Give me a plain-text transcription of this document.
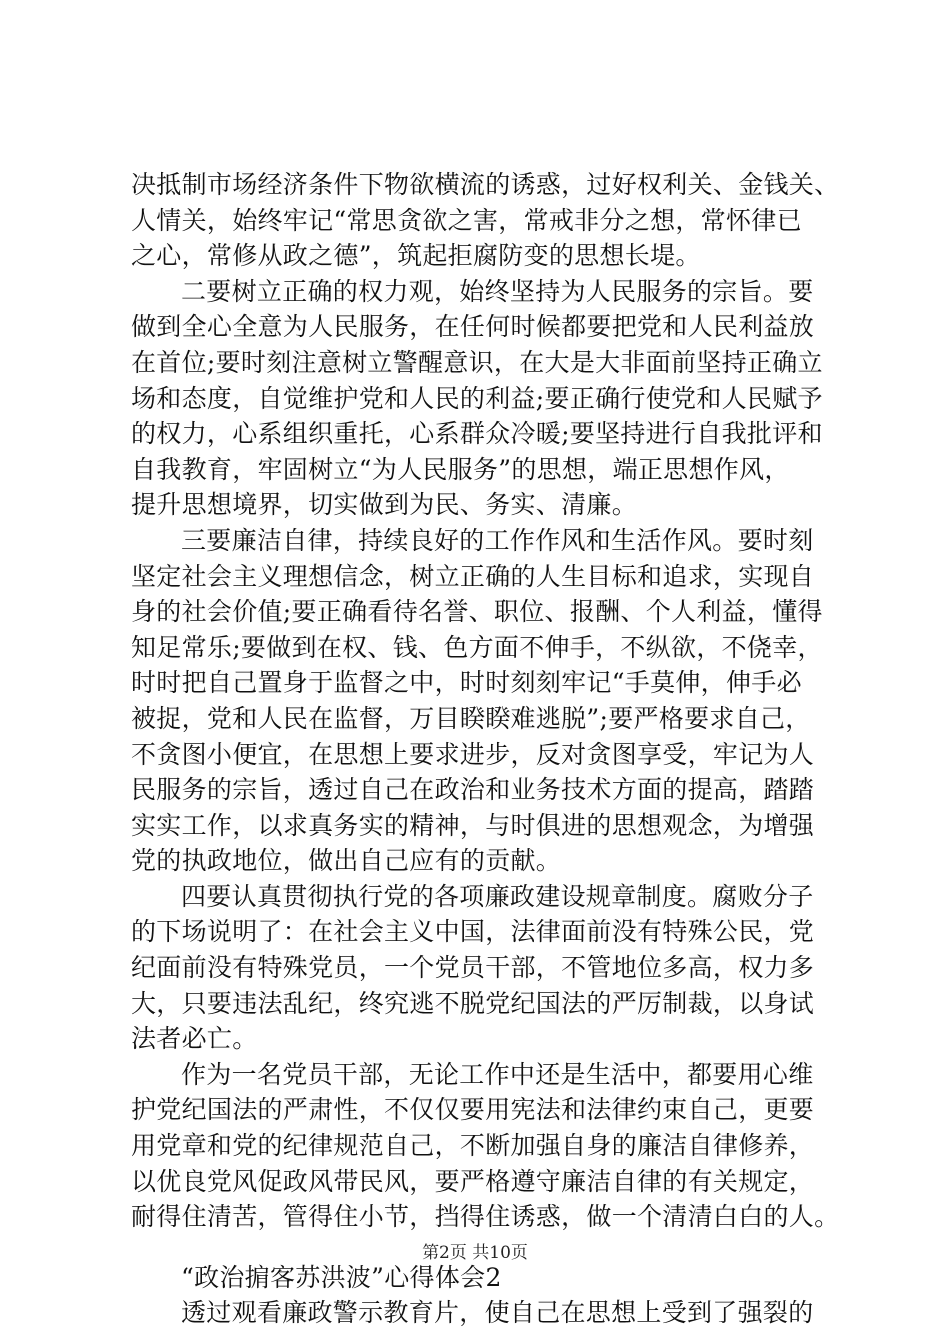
决抵制市场经济条件下物欲横流的诱惑，过好权利关、金钱关、
人情关，始终牢记“常思贪欲之害，常戒非分之想，常怀律已
之心，常修从政之德”，筑起拒腐防变的思想长堤。
二要树立正确的权力观，始终坚持为人民服务的宗旨。要
做到全心全意为人民服务，在任何时候都要把党和人民利益放
在首位;要时刻注意树立警醒意识，在大是大非面前坚持正确立
场和态度，自觉维护党和人民的利益;要正确行使党和人民赋予
的权力，心系组织重托，心系群众冷暖;要坚持进行自我批评和
自我教育，牢固树立“为人民服务”的思想，端正思想作风，
提升思想境界，切实做到为民、务实、清廉。
三要廉洁自律，持续良好的工作作风和生活作风。要时刻
坚定社会主义理想信念，树立正确的人生目标和追求，实现自
身的社会价值;要正确看待名誉、职位、报酬、个人利益，懂得
知足常乐;要做到在权、钱、色方面不伸手，不纵欲，不侥幸，
时时把自己置身于监督之中，时时刻刻牢记“手莫伸，伸手必
被捉，党和人民在监督，万目睽睽难逃脱”;要严格要求自己，
不贪图小便宜，在思想上要求进步，反对贪图享受，牢记为人
民服务的宗旨，透过自己在政治和业务技术方面的提高，踏踏
实实工作，以求真务实的精神，与时俱进的思想观念，为增强
党的执政地位，做出自己应有的贡献。
四要认真贯彻执行党的各项廉政建设规章制度。腐败分子
的下场说明了：在社会主义中国，法律面前没有特殊公民，党
纪面前没有特殊党员，一个党员干部，不管地位多高，权力多
大，只要违法乱纪，终究逃不脱党纪国法的严厉制裁，以身试
法者必亡。
作为一名党员干部，无论工作中还是生活中，都要用心维
护党纪国法的严肃性，不仅仅要用宪法和法律约束自己，更要
用党章和党的纪律规范自己，不断加强自身的廉洁自律修养，
以优良党风促政风带民风，要严格遵守廉洁自律的有关规定，
耐得住清苦，管得住小节，挡得住诱惑，做一个清清白白的人。
“政治掮客苏洪波”心得体会2
透过观看廉政警示教育片，使自己在思想上受到了强裂的
第2页 共10页
